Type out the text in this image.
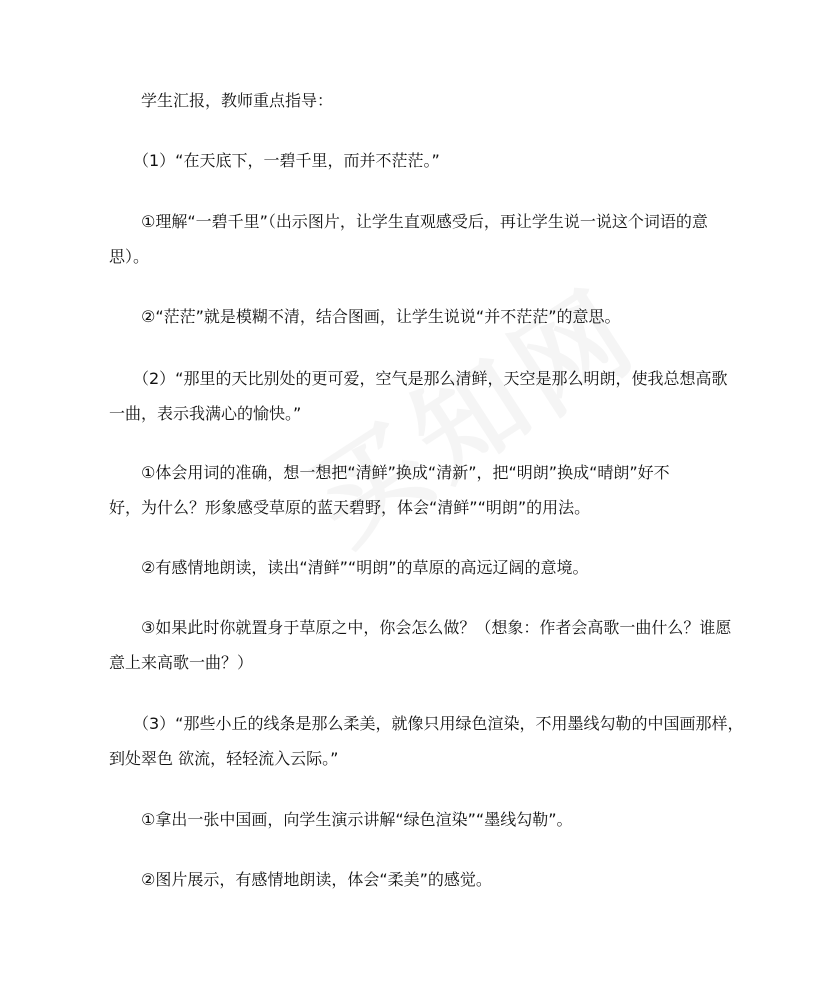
　　学生汇报，教师重点指导：

　　（1）“在天底下，一碧千里，而并不茫茫。”

　　①理解“一碧千里”（出示图片，让学生直观感受后，再让学生说一说这个词语的意
思）。

　　②“茫茫”就是模糊不清，结合图画，让学生说说“并不茫茫”的意思。

　　（2）“那里的天比别处的更可爱，空气是那么清鲜，天空是那么明朗，使我总想高歌
一曲，表示我满心的愉快。”

　　①体会用词的准确，想一想把“清鲜”换成“清新”，把“明朗”换成“晴朗”好不
好，为什么？形象感受草原的蓝天碧野，体会“清鲜”“明朗”的用法。

　　②有感情地朗读，读出“清鲜”“明朗”的草原的高远辽阔的意境。

　　③如果此时你就置身于草原之中，你会怎么做？（想象：作者会高歌一曲什么？谁愿
意上来高歌一曲？）

　　（3）“那些小丘的线条是那么柔美，就像只用绿色渲染，不用墨线勾勒的中国画那样，
到处翠色 欲流，轻轻流入云际。”

　　①拿出一张中国画，向学生演示讲解“绿色渲染”“墨线勾勒”。

　　②图片展示，有感情地朗读，体会“柔美”的感觉。
